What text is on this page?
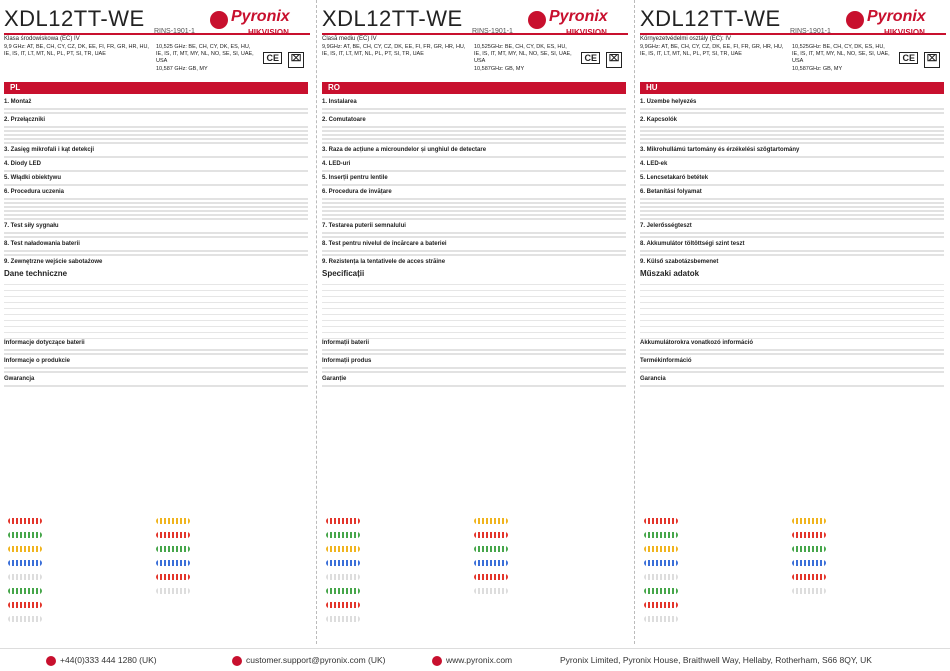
XDL12TT-WE	Pyronix
Klasa środowiskowa (EC) IV
RINS-1901-1
9,9 GHz: AT, BE, CH, CY, CZ, DK, EE, FI, FR, GR, HR, HU, IE, IS, IT, LT, MT, NL, PL, PT, SI, TR, UAE
10,525 GHz: BE, CH, CY, DK, ES, HU, IE, IS, IT, MT, MY, NL, NO, SE, SI, UAE, USA
10,587 GHz: GB, MY
CE	⌧
PL
1. Montaż
2. Przełączniki
3. Zasięg mikrofali i kąt detekcji
4. Diody LED
5. Włądki obiektywu
6. Procedura uczenia
7. Test siły sygnału
8. Test naładowania baterii
9. Zewnętrzne wejście sabotażowe
Dane techniczne
Informacje dotyczące baterii
Informacje o produkcie
Gwarancja
XDL12TT-WE	Pyronix
Clasă mediu (EC) IV
RINS-1901-1
9,9GHz: AT, BE, CH, CY, CZ, DK, EE, FI, FR, GR, HR, HU, IE, IS, IT, LT, MT, NL, PL, PT, SI, TR, UAE
10,525GHz: BE, CH, CY, DK, ES, HU, IE, IS, IT, MT, MY, NL, NO, SE, SI, UAE, USA
10,587GHz: GB, MY
CE	⌧
RO
1. Instalarea
2. Comutatoare
3. Raza de acțiune a microundelor și unghiul de detectare
4. LED-uri
5. Inserții pentru lentile
6. Procedura de învățare
7. Testarea puterii semnalului
8. Test pentru nivelul de încărcare a bateriei
9. Rezistența la tentativele de acces străine
Specificații
Informații baterii
Informații produs
Garanție
XDL12TT-WE	Pyronix
Környezetvédelmi osztály (EC): IV
RINS-1901-1
9,9GHz: AT, BE, CH, CY, CZ, DK, EE, FI, FR, GR, HR, HU, IE, IS, IT, LT, MT, NL, PL, PT, SI, TR, UAE
10,525GHz: BE, CH, CY, DK, ES, HU, IE, IS, IT, MT, MY, NL, NO, SE, SI, UAE, USA
10,587GHz: GB, MY
CE	⌧
HU
1. Üzembe helyezés
2. Kapcsolók
3. Mikrohullámú tartomány és érzékelési szögtartomány
4. LED-ek
5. Lencsetakaró betétek
6. Betanítási folyamat
7. Jelerősségteszt
8. Akkumulátor töltöttségi szint teszt
9. Külső szabotázsbemenet
Műszaki adatok
Akkumulátorokra vonatkozó információ
Termékinformáció
Garancia
+44(0)333 444 1280 (UK)	customer.support@pyronix.com (UK)	www.pyronix.com	Pyronix Limited, Pyronix House, Braithwell Way, Hellaby, Rotherham, S66 8QY, UK
